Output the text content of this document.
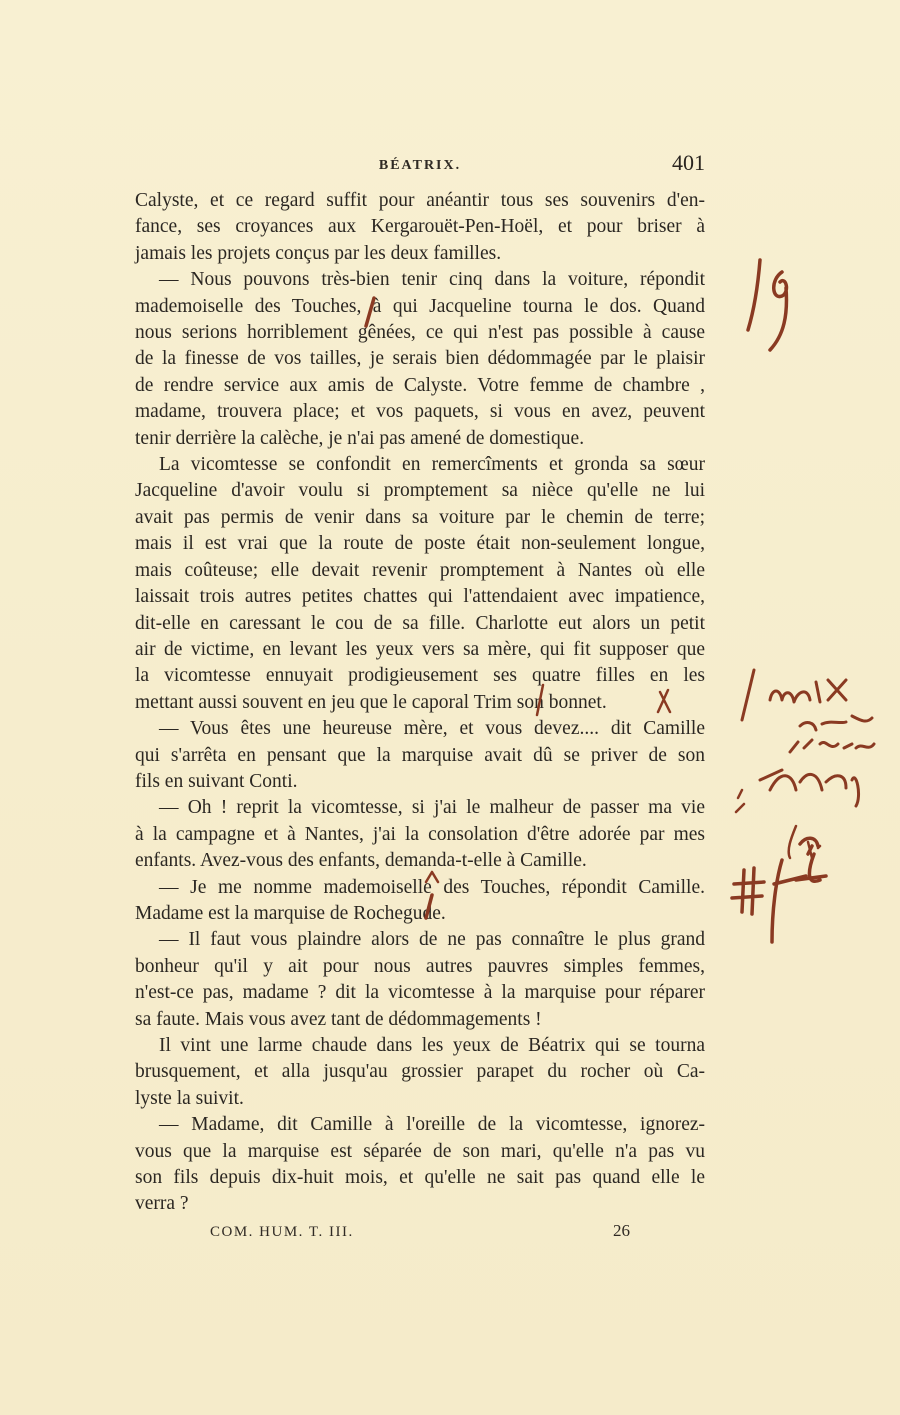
BÉATRIX.	401
Calyste, et ce regard suffit pour anéantir tous ses souvenirs d'en-
fance, ses croyances aux Kergarouët-Pen-Hoël, et pour briser à
jamais les projets conçus par les deux familles.
— Nous pouvons très-bien tenir cinq dans la voiture, répondit
mademoiselle des Touches, à qui Jacqueline tourna le dos. Quand
nous serions horriblement gênées, ce qui n'est pas possible à cause
de la finesse de vos tailles, je serais bien dédommagée par le plaisir
de rendre service aux amis de Calyste. Votre femme de chambre ,
madame, trouvera place; et vos paquets, si vous en avez, peuvent
tenir derrière la calèche, je n'ai pas amené de domestique.
La vicomtesse se confondit en remercîments et gronda sa sœur
Jacqueline d'avoir voulu si promptement sa nièce qu'elle ne lui
avait pas permis de venir dans sa voiture par le chemin de terre;
mais il est vrai que la route de poste était non-seulement longue,
mais coûteuse; elle devait revenir promptement à Nantes où elle
laissait trois autres petites chattes qui l'attendaient avec impatience,
dit-elle en caressant le cou de sa fille. Charlotte eut alors un petit
air de victime, en levant les yeux vers sa mère, qui fit supposer que
la vicomtesse ennuyait prodigieusement ses quatre filles en les
mettant aussi souvent en jeu que le caporal Trim son bonnet.
— Vous êtes une heureuse mère, et vous devez.... dit Camille
qui s'arrêta en pensant que la marquise avait dû se priver de son
fils en suivant Conti.
— Oh ! reprit la vicomtesse, si j'ai le malheur de passer ma vie
à la campagne et à Nantes, j'ai la consolation d'être adorée par mes
enfants. Avez-vous des enfants, demanda-t-elle à Camille.
— Je me nomme mademoiselle des Touches, répondit Camille.
Madame est la marquise de Rochegude.
— Il faut vous plaindre alors de ne pas connaître le plus grand
bonheur qu'il y ait pour nous autres pauvres simples femmes,
n'est-ce pas, madame ? dit la vicomtesse à la marquise pour réparer
sa faute. Mais vous avez tant de dédommagements !
Il vint une larme chaude dans les yeux de Béatrix qui se tourna
brusquement, et alla jusqu'au grossier parapet du rocher où Ca-
lyste la suivit.
— Madame, dit Camille à l'oreille de la vicomtesse, ignorez-
vous que la marquise est séparée de son mari, qu'elle n'a pas vu
son fils depuis dix-huit mois, et qu'elle ne sait pas quand elle le
verra ?
COM. HUM. T. III.	26
